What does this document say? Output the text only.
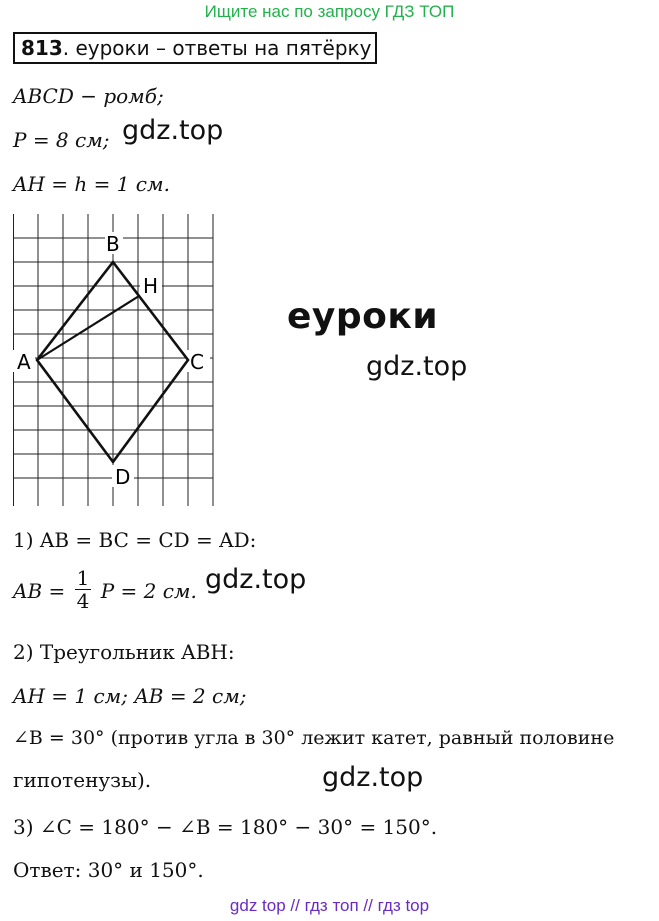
Ищите нас по запросу ГДЗ ТОП
813. еуроки – ответы на пятёрку
ABCD − ромб;
P = 8 см; gdz.top
AH = h = 1 см.
B
H
A	C
D
еуроки
gdz.top
1) AB = BC = CD = AD:
AB = $\frac{1}{4}$ P = 2 см. gdz.top
2) Треугольник ABH:
AH = 1 см; AB = 2 см;
∠B = 30° (против угла в 30° лежит катет, равный половине
гипотенузы).	gdz.top
3) ∠C = 180° − ∠B = 180° − 30° = 150°.
Ответ: 30° и 150°.
gdz top // гдз топ // гдз top
